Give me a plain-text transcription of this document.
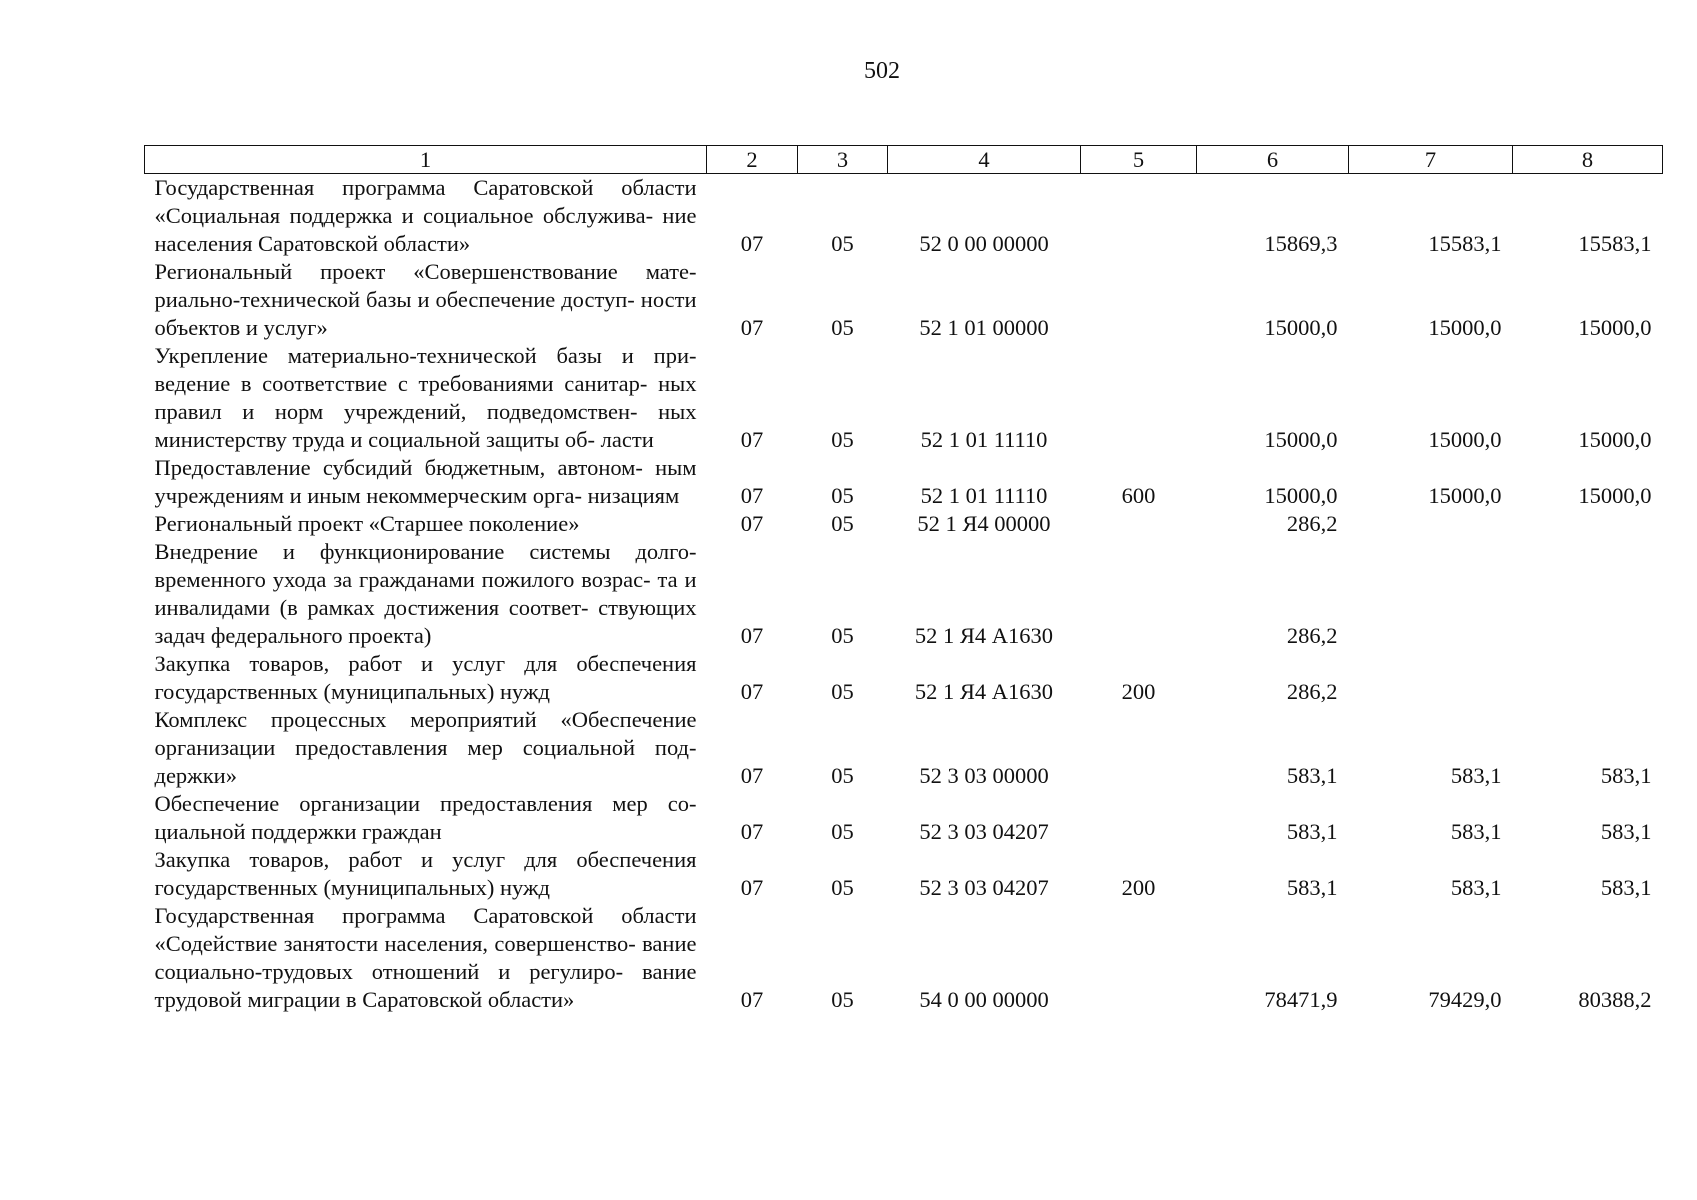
502
1	2	3	4	5	6	7	8
Государственная программа Саратовской области «Социальная поддержка и социальное обслужива- ние населения Саратовской области»	07	05	52 0 00 00000		15869,3	15583,1	15583,1
Региональный проект «Совершенствование мате- риально-технической базы и обеспечение доступ- ности объектов и услуг»	07	05	52 1 01 00000		15000,0	15000,0	15000,0
Укрепление материально-технической базы и при- ведение в соответствие с требованиями санитар- ных правил и норм учреждений, подведомствен- ных министерству труда и социальной защиты об- ласти	07	05	52 1 01 11110		15000,0	15000,0	15000,0
Предоставление субсидий бюджетным, автоном- ным учреждениям и иным некоммерческим орга- низациям	07	05	52 1 01 11110	600	15000,0	15000,0	15000,0
Региональный проект «Старшее поколение»	07	05	52 1 Я4 00000		286,2		
Внедрение и функционирование системы долго- временного ухода за гражданами пожилого возрас- та и инвалидами (в рамках достижения соответ- ствующих задач федерального проекта)	07	05	52 1 Я4 А1630		286,2		
Закупка товаров, работ и услуг для обеспечения государственных (муниципальных) нужд	07	05	52 1 Я4 А1630	200	286,2		
Комплекс процессных мероприятий «Обеспечение организации предоставления мер социальной под- держки»	07	05	52 3 03 00000		583,1	583,1	583,1
Обеспечение организации предоставления мер со- циальной поддержки граждан	07	05	52 3 03 04207		583,1	583,1	583,1
Закупка товаров, работ и услуг для обеспечения государственных (муниципальных) нужд	07	05	52 3 03 04207	200	583,1	583,1	583,1
Государственная программа Саратовской области «Содействие занятости населения, совершенство- вание социально-трудовых отношений и регулиро- вание трудовой миграции в Саратовской области»	07	05	54 0 00 00000		78471,9	79429,0	80388,2
